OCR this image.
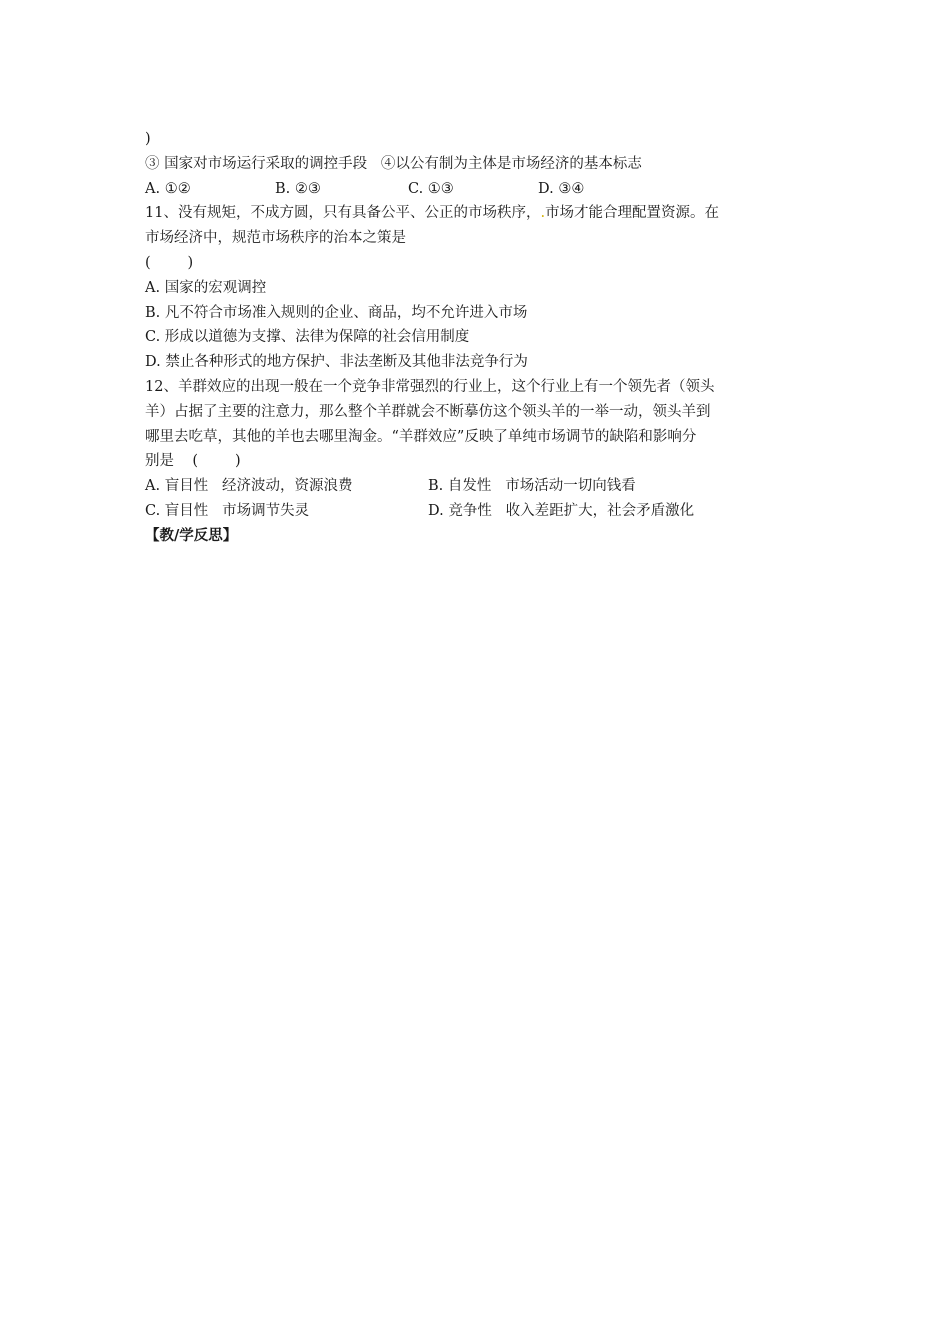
)
③ 国家对市场运行采取的调控手段   ④以公有制为主体是市场经济的基本标志
A. ①②	B. ②③	C. ①③	D. ③④
11、没有规矩，不成方圆，只有具备公平、公正的市场秩序，.市场才能合理配置资源。在
市场经济中，规范市场秩序的治本之策是
(        )
A. 国家的宏观调控
B. 凡不符合市场准入规则的企业、商品，均不允许进入市场
C. 形成以道德为支撑、法律为保障的社会信用制度
D. 禁止各种形式的地方保护、非法垄断及其他非法竞争行为
12、羊群效应的出现一般在一个竞争非常强烈的行业上，这个行业上有一个领先者（领头
羊）占据了主要的注意力，那么整个羊群就会不断摹仿这个领头羊的一举一动，领头羊到
哪里去吃草，其他的羊也去哪里淘金。“羊群效应”反映了单纯市场调节的缺陷和影响分
别是    (        )
A. 盲目性   经济波动，资源浪费	B. 自发性   市场活动一切向钱看
C. 盲目性   市场调节失灵	D. 竞争性   收入差距扩大，社会矛盾激化
【教/学反思】
